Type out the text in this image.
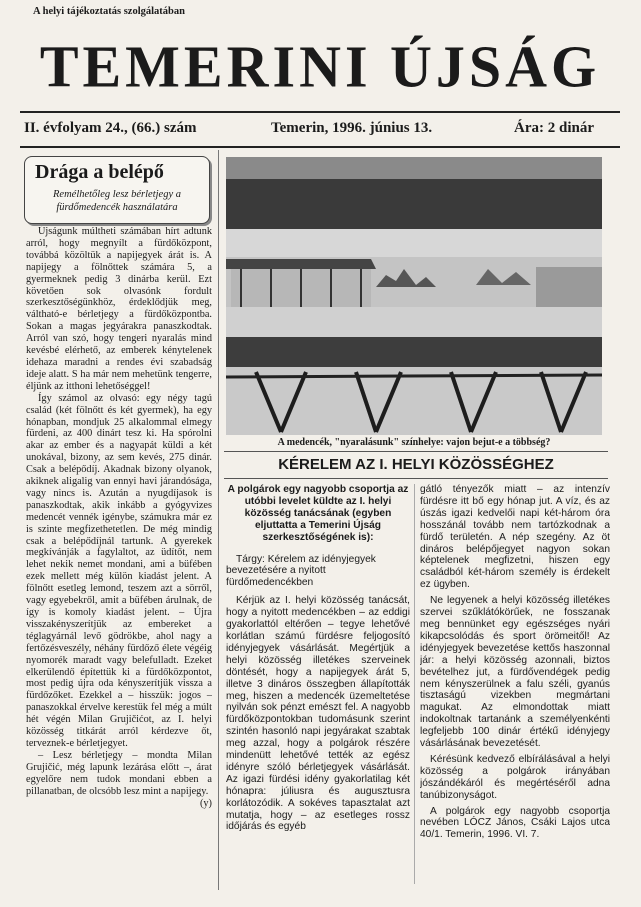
A helyi tájékoztatás szolgálatában
TEMERINI ÚJSÁG
II. évfolyam 24., (66.) szám	Temerin, 1996. június 13.	Ára: 2 dinár
Drága a belépő
Remélhetőleg lesz bérletjegy a fürdőmedencék használatára

Újságunk múltheti számában hírt adtunk arról, hogy megnyílt a fürdőközpont, továbbá közöltük a napijegyek árát is. A napijegy a fölnőttek számára 5, a gyermeknek pedig 3 dinárba kerül. Ezt követően sok olvasónk fordult szerkesztőségünkhöz, érdeklődjük meg, váltható-e bérletjegy a fürdőközpontba. Sokan a magas jegyárakra panaszkodtak. Arról van szó, hogy tengeri nyaralás mind kevésbé elérhető, az emberek kénytelenek idehaza maradni a rendes évi szabadság ideje alatt. S ha már nem mehetünk tengerre, éljünk az itthoni lehetőséggel!

Így számol az olvasó: egy négy tagú család (két fölnőtt és két gyermek), ha egy hónapban, mondjuk 25 alkalommal elmegy fürdeni, az 400 dinárt tesz ki. Ha spórolni akar az ember és a nagyapát küldi a két unokával, bizony, az sem kevés, 275 dinár. Csak a belépődíj. Akadnak bizony olyanok, akiknek aligalig van ennyi havi járandósága, vagy nincs is. Azután a nyugdíjasok is panaszkodtak, akik inkább a gyógyvizes medencét vennék igénybe, számukra már ez is szinte megfizethetetlen. De még mindig csak a belépődíjnál tartunk. A gyerekek megkívánják a fagylaltot, az üdítőt, nem lehet nekik nemet mondani, ami a büfében ezek mellett még külön kiadást jelent. A fölnőtt esetleg lemond, teszem azt a sörről, vagy egyebekről, amit a büfében árulnak, de így is komoly kiadást jelent. – Újra visszakényszerítjük az embereket a téglagyárnál levő gödrökbe, ahol nagy a fertőzésveszély, néhány fürdőző élete végéig nyomorék maradt vagy belefulladt. Ezeket elkerülendő építettük ki a fürdőközpontot, most pedig újra oda kényszerítjük vissza a fürdőzőket. Ezekkel a – hisszük: jogos – panaszokkal érvelve kerestük fel még a múlt hét végén Milan Grujičićot, az I. helyi közösség titkárát arról kérdezve őt, terveznek-e bérletjegyet.

– Lesz bérletjegy – mondta Milan Grujičić, még lapunk lezárása előtt –, árat egyelőre nem tudok mondani ebben a pillanatban, de olcsóbb lesz mint a napijegy.

(y)

A medencék, "nyaralásunk" színhelye: vajon bejut-e a többség?
KÉRELEM AZ I. HELYI KÖZÖSSÉGHEZ

A polgárok egy nagyobb csoportja az utóbbi levelet küldte az I. helyi közösség tanácsának (egyben eljuttatta a Temerini Újság szerkesztőségének is):

Tárgy: Kérelem az idényjegyek bevezetésére a nyitott fürdőmedencékben

Kérjük az I. helyi közösség tanácsát, hogy a nyitott medencékben – az eddigi gyakorlattól eltérően – tegye lehetővé korlátlan számú fürdésre feljogosító idényjegyek vásárlását. Megértjük a helyi közösség illetékes szerveinek döntését, hogy a napijegyek árát 5, illetve 3 dináros összegben állapították meg, hiszen a medencék üzemeltetése nyilván sok pénzt emészt fel. A nagyobb fürdőközpontokban tudomásunk szerint szintén hasonló napi jegyárakat szabtak meg azzal, hogy a polgárok részére mindenütt lehetővé tették az egész idényre szóló bérletjegyek vásárlását. Az igazi fürdési idény gyakorlatilag két hónapra: júliusra és augusztusra korlátozódik. A sokéves tapasztalat azt mutatja, hogy – az esetleges rossz időjárás és egyéb

gátló tényezők miatt – az intenzív fürdésre itt bő egy hónap jut. A víz, és az úszás igazi kedvelői napi két-három óra hosszánál tovább nem tartózkodnak a fürdő területén. A nép szegény. Az öt dináros belépőjegyet nagyon sokan képtelenek megfizetni, hiszen egy családból két-három személy is érdekelt ez ügyben.

Ne legyenek a helyi közösség illetékes szervei szűklátókörűek, ne fosszanak meg bennünket egy egészséges nyári kikapcsolódás és sport örömeitől! Az idényjegyek bevezetése kettős haszonnal jár: a helyi közösség azonnali, biztos bevételhez jut, a fürdővendégek pedig nem kényszerülnek a falu széli, gyanús tisztaságú vizekben megmártani magukat. Az elmondottak miatt indokoltnak tartanánk a személyenkénti legfeljebb 100 dinár értékű idényjegy vásárlásának bevezetését.

Kérésünk kedvező elbírálásával a helyi közösség a polgárok irányában jószándékáról és megértéséről adna tanúbizonyságot.

A polgárok egy nagyobb csoportja nevében LÓCZ János, Csáki Lajos utca 40/1. Temerin, 1996. VI. 7.
